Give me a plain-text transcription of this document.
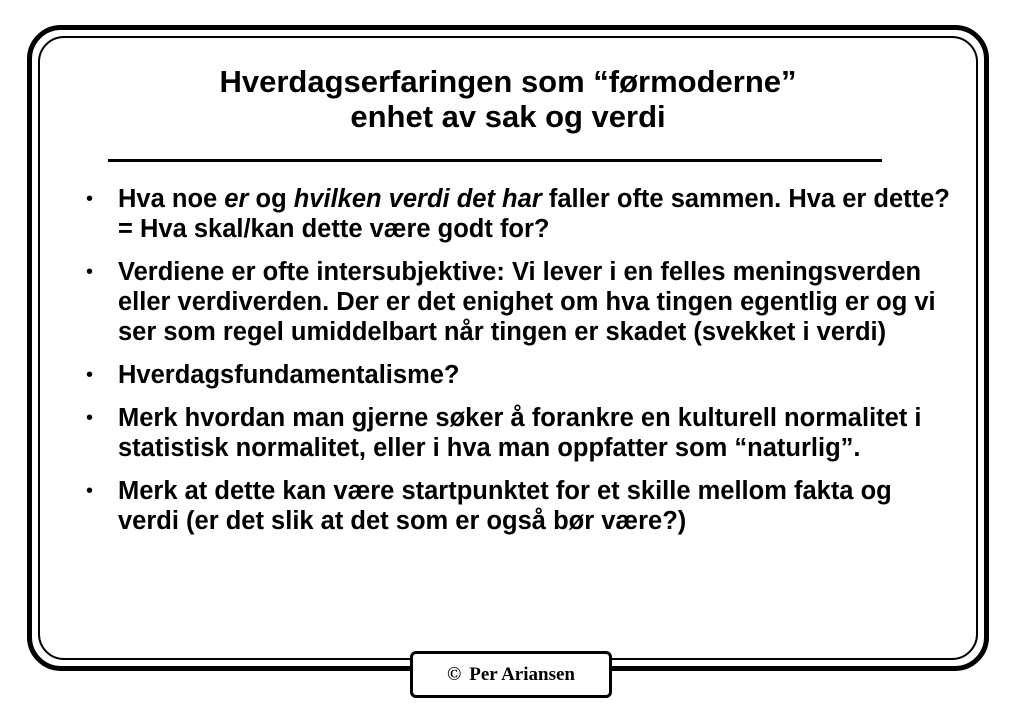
Hverdagserfaringen som “førmoderne”
enhet av sak og verdi
• Hva noe er og hvilken verdi det har faller ofte sammen. Hva er dette? = Hva skal/kan dette være godt for?
• Verdiene er ofte intersubjektive: Vi lever i en felles meningsverden eller verdiverden. Der er det enighet om hva tingen egentlig er og vi ser som regel umiddelbart når tingen er skadet (svekket i verdi)
• Hverdagsfundamentalisme?
• Merk hvordan man gjerne søker å forankre en kulturell normalitet i statistisk normalitet, eller i hva man oppfatter som “naturlig”.
• Merk at dette kan være startpunktet for et skille mellom fakta og verdi (er det slik at det som er også bør være?)
© Per Ariansen
